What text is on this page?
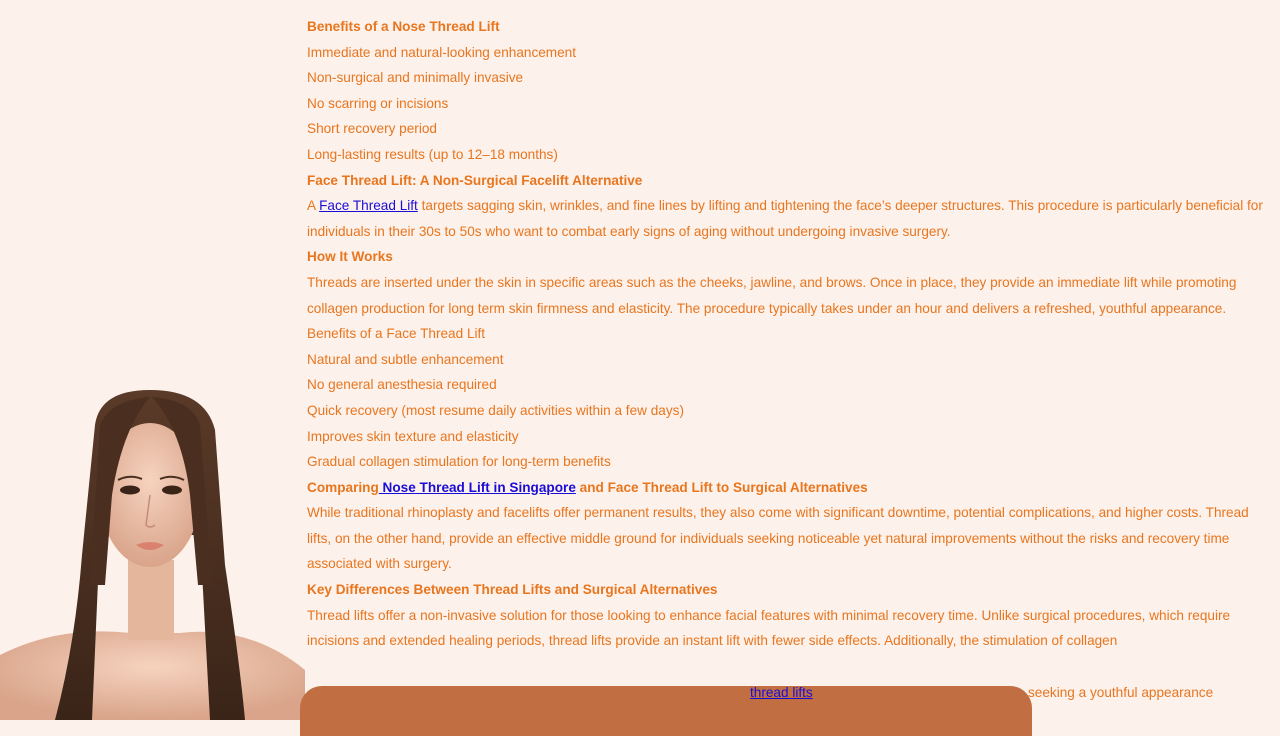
Benefits of a Nose Thread Lift

Immediate and natural-looking enhancement

Non-surgical and minimally invasive

No scarring or incisions

Short recovery period

Long-lasting results (up to 12–18 months)

Face Thread Lift: A Non-Surgical Facelift Alternative

A Face Thread Lift targets sagging skin, wrinkles, and fine lines by lifting and tightening the face’s deeper structures. This procedure is particularly beneficial for individuals in their 30s to 50s who want to combat early signs of aging without undergoing invasive surgery.

How It Works

Threads are inserted under the skin in specific areas such as the cheeks, jawline, and brows. Once in place, they provide an immediate lift while promoting collagen production for long term skin firmness and elasticity. The procedure typically takes under an hour and delivers a refreshed, youthful appearance.

Benefits of a Face Thread Lift

Natural and subtle enhancement

No general anesthesia required

Quick recovery (most resume daily activities within a few days)

Improves skin texture and elasticity

Gradual collagen stimulation for long-term benefits

Comparing Nose Thread Lift in Singapore and Face Thread Lift to Surgical Alternatives

While traditional rhinoplasty and facelifts offer permanent results, they also come with significant downtime, potential complications, and higher costs. Thread lifts, on the other hand, provide an effective middle ground for individuals seeking noticeable yet natural improvements without the risks and recovery time associated with surgery.

Key Differences Between Thread Lifts and Surgical Alternatives

Thread lifts offer a non-invasive solution for those looking to enhance facial features with minimal recovery time. Unlike surgical procedures, which require incisions and extended healing periods, thread lifts provide an instant lift with fewer side effects. Additionally, the stimulation of collagen

thread lifts	seeking a youthful appearance
